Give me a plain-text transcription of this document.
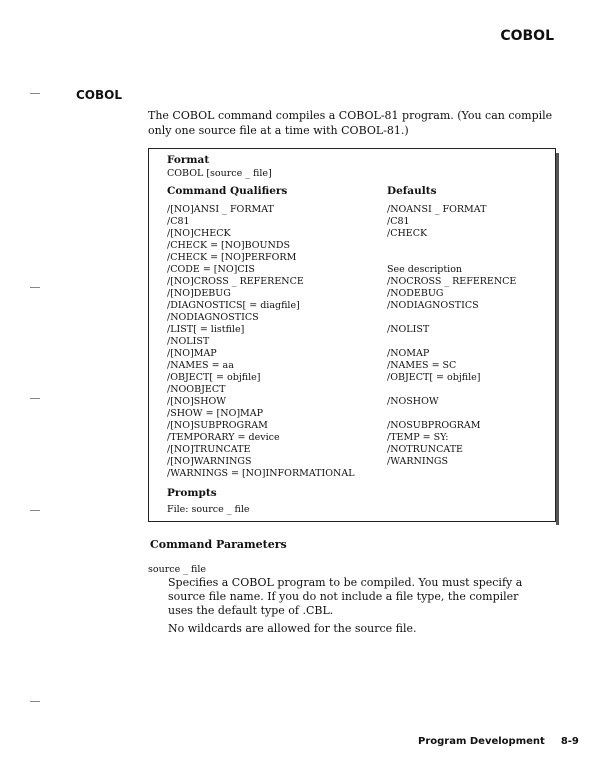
COBOL
COBOL
The COBOL command compiles a COBOL-81 program. (You can compile only one source file at a time with COBOL-81.)
Format
COBOL [source _ file]
Command Qualifiers	Defaults
/[NO]ANSI _ FORMAT
/C81
/[NO]CHECK
/CHECK = [NO]BOUNDS
/CHECK = [NO]PERFORM
/CODE = [NO]CIS
/[NO]CROSS _ REFERENCE
/[NO]DEBUG
/DIAGNOSTICS[ = diagfile]
/NODIAGNOSTICS
/LIST[ = listfile]
/NOLIST
/[NO]MAP
/NAMES = aa
/OBJECT[ = objfile]
/NOOBJECT
/[NO]SHOW
/SHOW = [NO]MAP
/[NO]SUBPROGRAM
/TEMPORARY = device
/[NO]TRUNCATE
/[NO]WARNINGS
/WARNINGS = [NO]INFORMATIONAL
/NOANSI _ FORMAT
/C81
/CHECK
See description
/NOCROSS _ REFERENCE
/NODEBUG
/NODIAGNOSTICS
/NOLIST
/NOMAP
/NAMES = SC
/OBJECT[ = objfile]
/NOSHOW
/NOSUBPROGRAM
/TEMP = SY:
/NOTRUNCATE
/WARNINGS
Prompts
File: source _ file
Command Parameters
source _ file
Specifies a COBOL program to be compiled. You must specify a source file name. If you do not include a file type, the compiler uses the default type of .CBL.
No wildcards are allowed for the source file.
Program Development 8-9
